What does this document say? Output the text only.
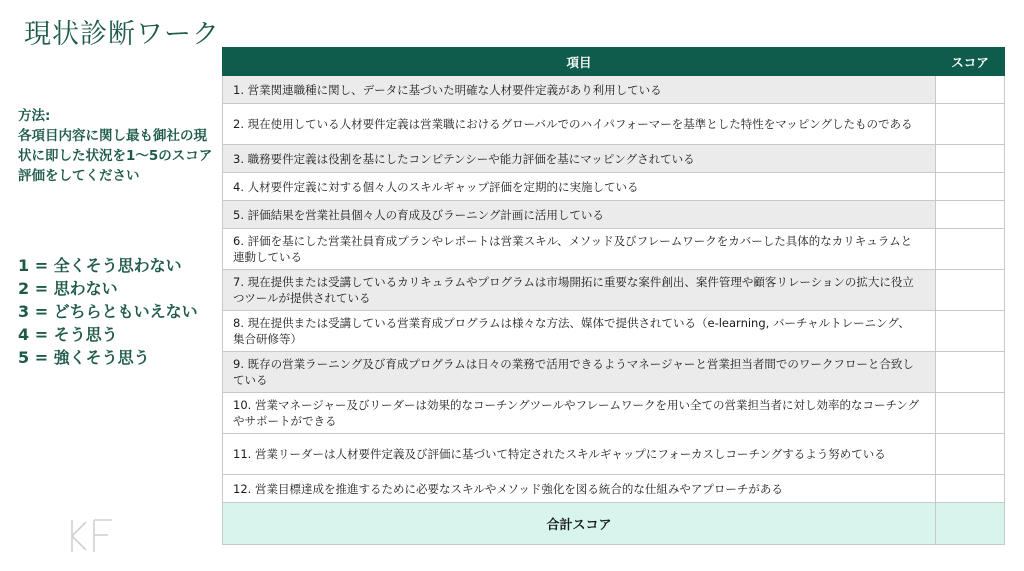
現状診断ワーク
方法:
各項目内容に関し最も御社の現状に即した状況を1〜5のスコア評価をしてください
1 = 全くそう思わない
2 = 思わない
3 = どちらともいえない
4 = そう思う
5 = 強くそう思う
項目	スコア
1. 営業関連職種に関し、データに基づいた明確な人材要件定義があり利用している	
2. 現在使用している人材要件定義は営業職におけるグローバルでのハイパフォーマーを基準とした特性をマッピングしたものである	
3. 職務要件定義は役割を基にしたコンピテンシーや能力評価を基にマッピングされている	
4. 人材要件定義に対する個々人のスキルギャップ評価を定期的に実施している	
5. 評価結果を営業社員個々人の育成及びラーニング計画に活用している	
6. 評価を基にした営業社員育成プランやレポートは営業スキル、メソッド及びフレームワークをカバーした具体的なカリキュラムと連動している	
7. 現在提供または受講しているカリキュラムやプログラムは市場開拓に重要な案件創出、案件管理や顧客リレーションの拡大に役立つツールが提供されている	
8. 現在提供または受講している営業育成プログラムは様々な方法、媒体で提供されている（e-learning, バーチャルトレーニング、集合研修等）	
9. 既存の営業ラーニング及び育成プログラムは日々の業務で活用できるようマネージャーと営業担当者間でのワークフローと合致している	
10. 営業マネージャー及びリーダーは効果的なコーチングツールやフレームワークを用い全ての営業担当者に対し効率的なコーチングやサポートができる	
11. 営業リーダーは人材要件定義及び評価に基づいて特定されたスキルギャップにフォーカスしコーチングするよう努めている	
12. 営業目標達成を推進するために必要なスキルやメソッド強化を図る統合的な仕組みやアプローチがある	
合計スコア	
